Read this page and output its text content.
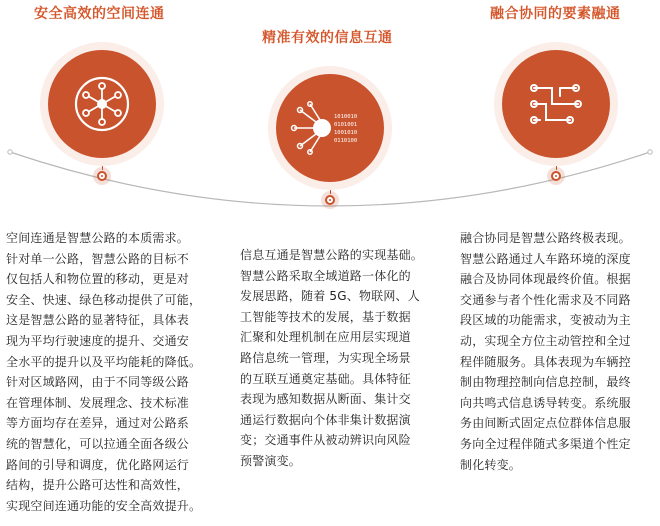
安全高效的空间连通
空间连通是智慧公路的本质需求。
针对单一公路，智慧公路的目标不
仅包括人和物位置的移动，更是对
安全、快速、绿色移动提供了可能，
这是智慧公路的显著特征，具体表
现为平均行驶速度的提升、交通安
全水平的提升以及平均能耗的降低。
针对区域路网，由于不同等级公路
在管理体制、发展理念、技术标准
等方面均存在差异，通过对公路系
统的智慧化，可以拉通全面各级公
路间的引导和调度，优化路网运行
结构，提升公路可达性和高效性，
实现空间连通功能的安全高效提升。
精准有效的信息互通
1010010
0101001
1001010
0110100
信息互通是智慧公路的实现基础。
智慧公路采取全域道路一体化的
发展思路，随着 5G、物联网、人
工智能等技术的发展，基于数据
汇聚和处理机制在应用层实现道
路信息统一管理，为实现全场景
的互联互通奠定基础。具体特征
表现为感知数据从断面、集计交
通运行数据向个体非集计数据演
变；交通事件从被动辨识向风险
预警演变。
融合协同的要素融通
融合协同是智慧公路终极表现。
智慧公路通过人车路环境的深度
融合及协同体现最终价值。根据
交通参与者个性化需求及不同路
段区域的功能需求，变被动为主
动，实现全方位主动管控和全过
程伴随服务。具体表现为车辆控
制由物理控制向信息控制，最终
向共鸣式信息诱导转变。系统服
务由间断式固定点位群体信息服
务向全过程伴随式多渠道个性定
制化转变。
